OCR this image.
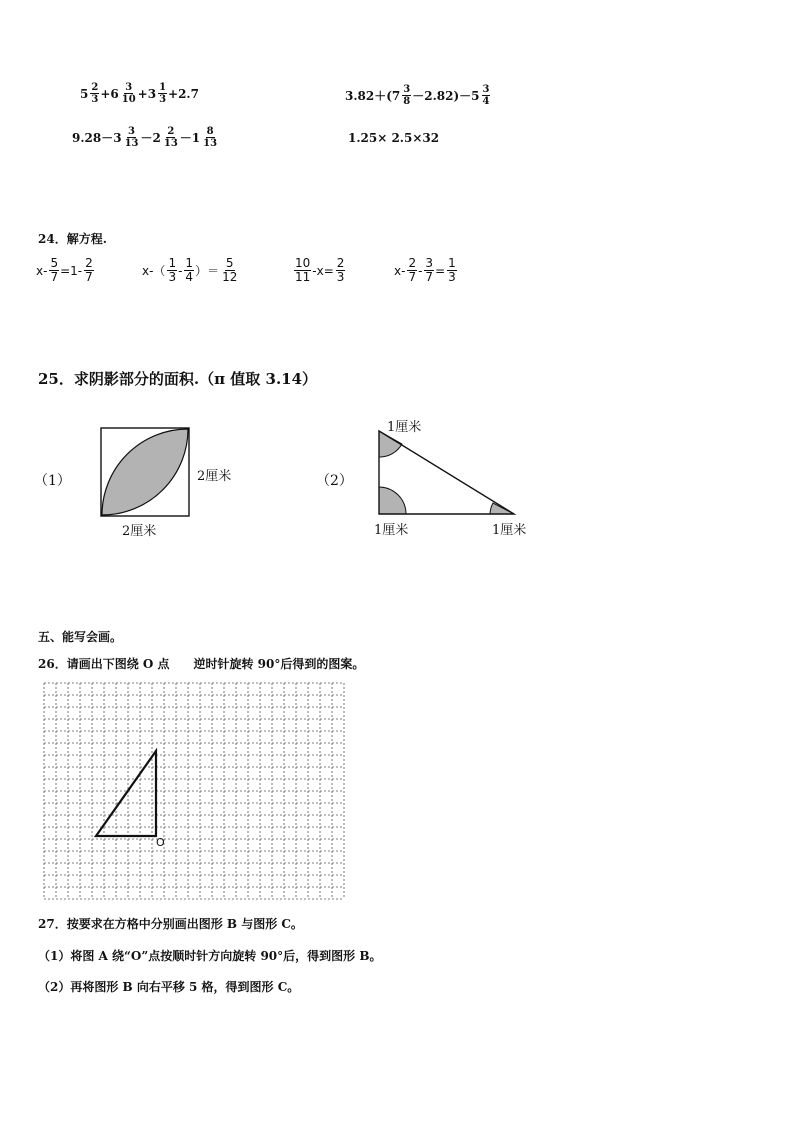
$5 \frac{2}{3} +6 \frac{3}{10} +3 \frac{1}{3} +2.7$	$3.82+(7 \frac{3}{8} -2.82)-5 \frac{3}{4}$
$9.28-3 \frac{3}{13} -2 \frac{2}{13} -1 \frac{8}{13}$	1.25× 2.5×32
24．解方程.
$x- \frac{5}{7} =1- \frac{2}{7}$	$x-( \frac{1}{3} - \frac{1}{4}$ ）＝ $\frac{5}{12}$	$\frac{10}{11} -x= \frac{2}{3}$	$x- \frac{2}{7} - \frac{3}{7} = \frac{1}{3}$
25．求阴影部分的面积.（π 值取 3.14）
（1）	2厘米
2厘米
（2）
1厘米
1厘米	1厘米
五、能写会画。
26．请画出下图绕 O 点　　逆时针旋转 90°后得到的图案。
O
27．按要求在方格中分别画出图形 B 与图形 C。
（1）将图 A 绕“O”点按顺时针方向旋转 90°后，得到图形 B。
（2）再将图形 B 向右平移 5 格，得到图形 C。
